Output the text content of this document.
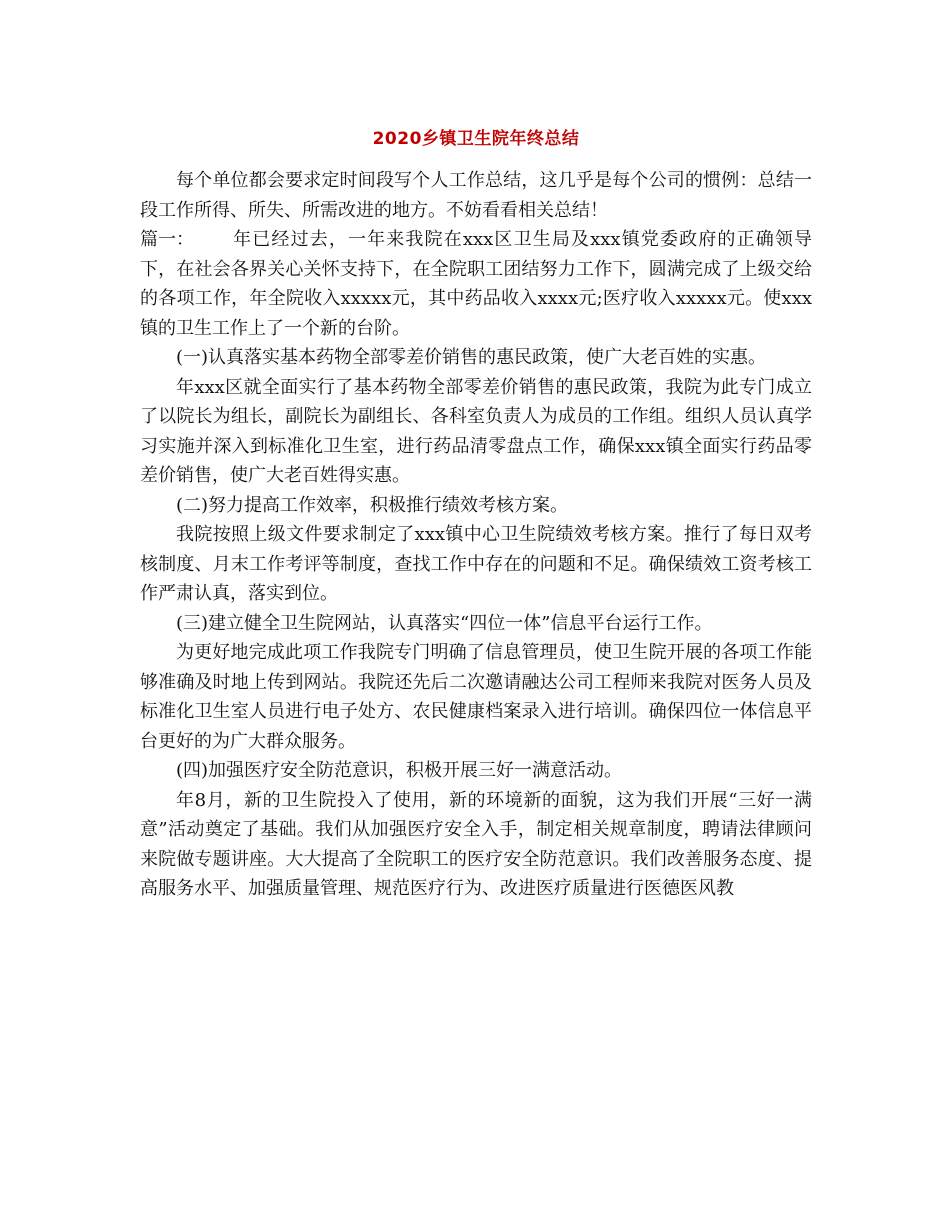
2020乡镇卫生院年终总结

每个单位都会要求定时间段写个人工作总结，这几乎是每个公司的惯例：总结一段工作所得、所失、所需改进的地方。不妨看看相关总结！

篇一： 年已经过去，一年来我院在xxx区卫生局及xxx镇党委政府的正确领导下，在社会各界关心关怀支持下，在全院职工团结努力工作下，圆满完成了上级交给的各项工作，年全院收入xxxxx元，其中药品收入xxxx元;医疗收入xxxxx元。使xxx镇的卫生工作上了一个新的台阶。

(一)认真落实基本药物全部零差价销售的惠民政策，使广大老百姓的实惠。

年xxx区就全面实行了基本药物全部零差价销售的惠民政策，我院为此专门成立了以院长为组长，副院长为副组长、各科室负责人为成员的工作组。组织人员认真学习实施并深入到标准化卫生室，进行药品清零盘点工作，确保xxx镇全面实行药品零差价销售，使广大老百姓得实惠。

(二)努力提高工作效率，积极推行绩效考核方案。

我院按照上级文件要求制定了xxx镇中心卫生院绩效考核方案。推行了每日双考核制度、月末工作考评等制度，查找工作中存在的问题和不足。确保绩效工资考核工作严肃认真，落实到位。

(三)建立健全卫生院网站，认真落实“四位一体”信息平台运行工作。

为更好地完成此项工作我院专门明确了信息管理员，使卫生院开展的各项工作能够准确及时地上传到网站。我院还先后二次邀请融达公司工程师来我院对医务人员及标准化卫生室人员进行电子处方、农民健康档案录入进行培训。确保四位一体信息平台更好的为广大群众服务。

(四)加强医疗安全防范意识，积极开展三好一满意活动。

年8月，新的卫生院投入了使用，新的环境新的面貌，这为我们开展“三好一满意”活动奠定了基础。我们从加强医疗安全入手，制定相关规章制度，聘请法律顾问来院做专题讲座。大大提高了全院职工的医疗安全防范意识。我们改善服务态度、提高服务水平、加强质量管理、规范医疗行为、改进医疗质量进行医德医风教
